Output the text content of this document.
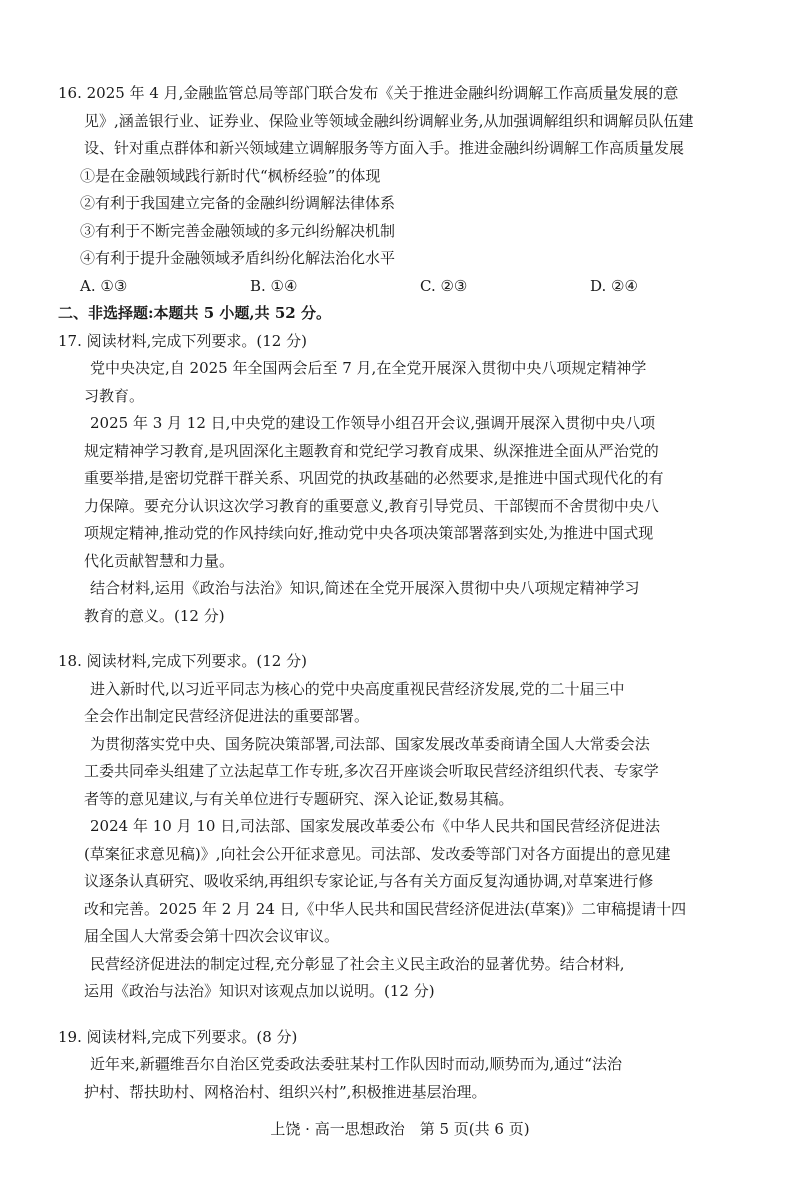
16. 2025 年 4 月,金融监管总局等部门联合发布《关于推进金融纠纷调解工作高质量发展的意
见》,涵盖银行业、证券业、保险业等领域金融纠纷调解业务,从加强调解组织和调解员队伍建
设、针对重点群体和新兴领域建立调解服务等方面入手。推进金融纠纷调解工作高质量发展
①是在金融领域践行新时代“枫桥经验”的体现
②有利于我国建立完备的金融纠纷调解法律体系
③有利于不断完善金融领域的多元纠纷解决机制
④有利于提升金融领域矛盾纠纷化解法治化水平
A. ①③	B. ①④	C. ②③	D. ②④
二、非选择题:本题共 5 小题,共 52 分。
17. 阅读材料,完成下列要求。(12 分)
党中央决定,自 2025 年全国两会后至 7 月,在全党开展深入贯彻中央八项规定精神学
习教育。
2025 年 3 月 12 日,中央党的建设工作领导小组召开会议,强调开展深入贯彻中央八项
规定精神学习教育,是巩固深化主题教育和党纪学习教育成果、纵深推进全面从严治党的
重要举措,是密切党群干群关系、巩固党的执政基础的必然要求,是推进中国式现代化的有
力保障。要充分认识这次学习教育的重要意义,教育引导党员、干部锲而不舍贯彻中央八
项规定精神,推动党的作风持续向好,推动党中央各项决策部署落到实处,为推进中国式现
代化贡献智慧和力量。
结合材料,运用《政治与法治》知识,简述在全党开展深入贯彻中央八项规定精神学习
教育的意义。(12 分)
18. 阅读材料,完成下列要求。(12 分)
进入新时代,以习近平同志为核心的党中央高度重视民营经济发展,党的二十届三中
全会作出制定民营经济促进法的重要部署。
为贯彻落实党中央、国务院决策部署,司法部、国家发展改革委商请全国人大常委会法
工委共同牵头组建了立法起草工作专班,多次召开座谈会听取民营经济组织代表、专家学
者等的意见建议,与有关单位进行专题研究、深入论证,数易其稿。
2024 年 10 月 10 日,司法部、国家发展改革委公布《中华人民共和国民营经济促进法
(草案征求意见稿)》,向社会公开征求意见。司法部、发改委等部门对各方面提出的意见建
议逐条认真研究、吸收采纳,再组织专家论证,与各有关方面反复沟通协调,对草案进行修
改和完善。2025 年 2 月 24 日,《中华人民共和国民营经济促进法(草案)》二审稿提请十四
届全国人大常委会第十四次会议审议。
民营经济促进法的制定过程,充分彰显了社会主义民主政治的显著优势。结合材料,
运用《政治与法治》知识对该观点加以说明。(12 分)
19. 阅读材料,完成下列要求。(8 分)
近年来,新疆维吾尔自治区党委政法委驻某村工作队因时而动,顺势而为,通过“法治
护村、帮扶助村、网格治村、组织兴村”,积极推进基层治理。
上饶 · 高一思想政治　第 5 页(共 6 页)
